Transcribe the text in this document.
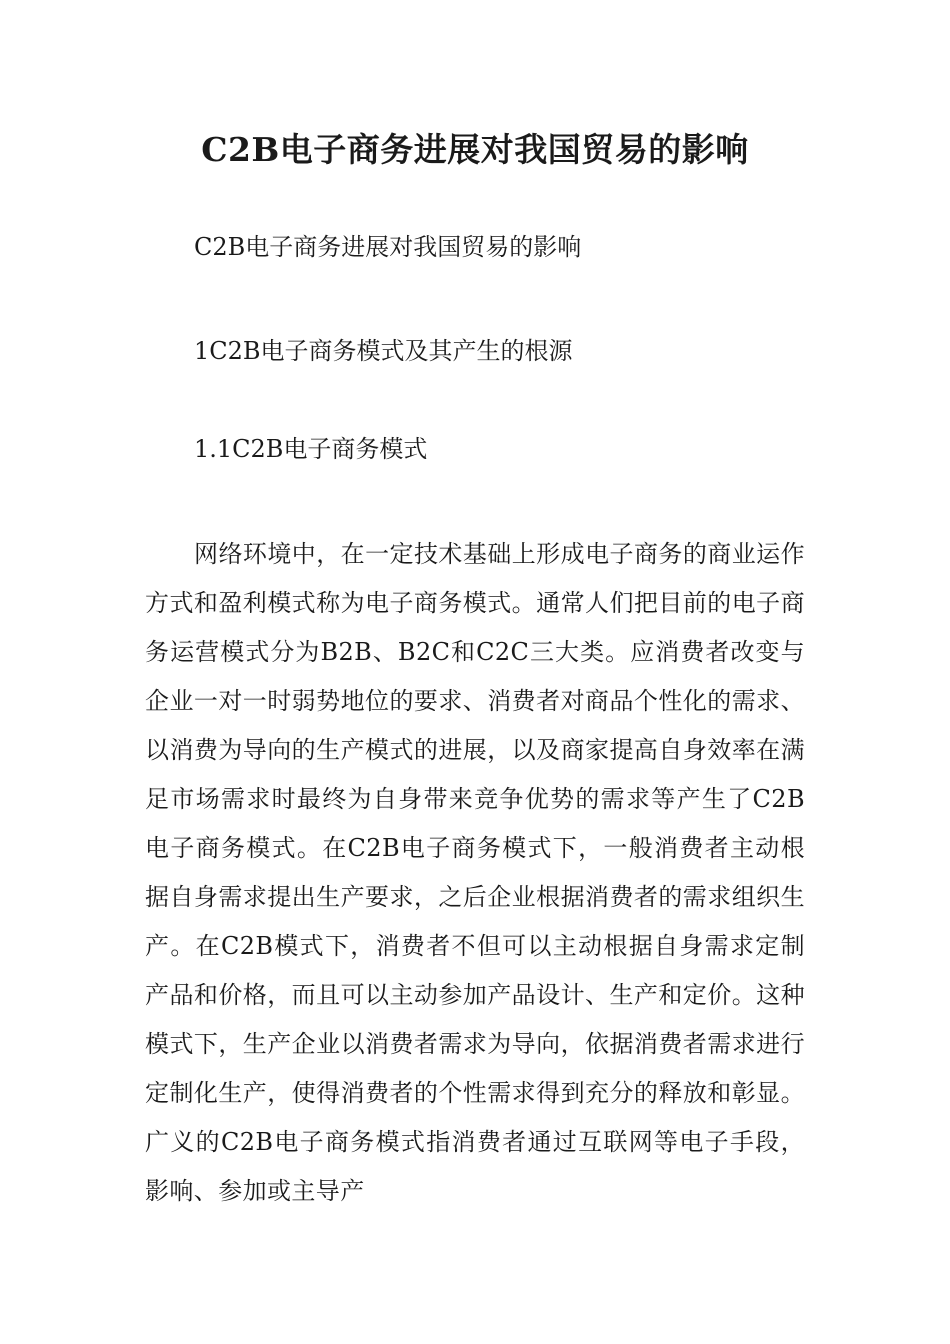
C2B电子商务进展对我国贸易的影响

C2B电子商务进展对我国贸易的影响

1C2B电子商务模式及其产生的根源

1.1C2B电子商务模式

网络环境中，在一定技术基础上形成电子商务的商业运作方式和盈利模式称为电子商务模式。通常人们把目前的电子商务运营模式分为B2B、B2C和C2C三大类。应消费者改变与企业一对一时弱势地位的要求、消费者对商品个性化的需求、以消费为导向的生产模式的进展，以及商家提高自身效率在满足市场需求时最终为自身带来竞争优势的需求等产生了C2B电子商务模式。在C2B电子商务模式下，一般消费者主动根据自身需求提出生产要求，之后企业根据消费者的需求组织生产。在C2B模式下，消费者不但可以主动根据自身需求定制产品和价格，而且可以主动参加产品设计、生产和定价。这种模式下，生产企业以消费者需求为导向，依据消费者需求进行定制化生产，使得消费者的个性需求得到充分的释放和彰显。广义的C2B电子商务模式指消费者通过互联网等电子手段，影响、参加或主导产
